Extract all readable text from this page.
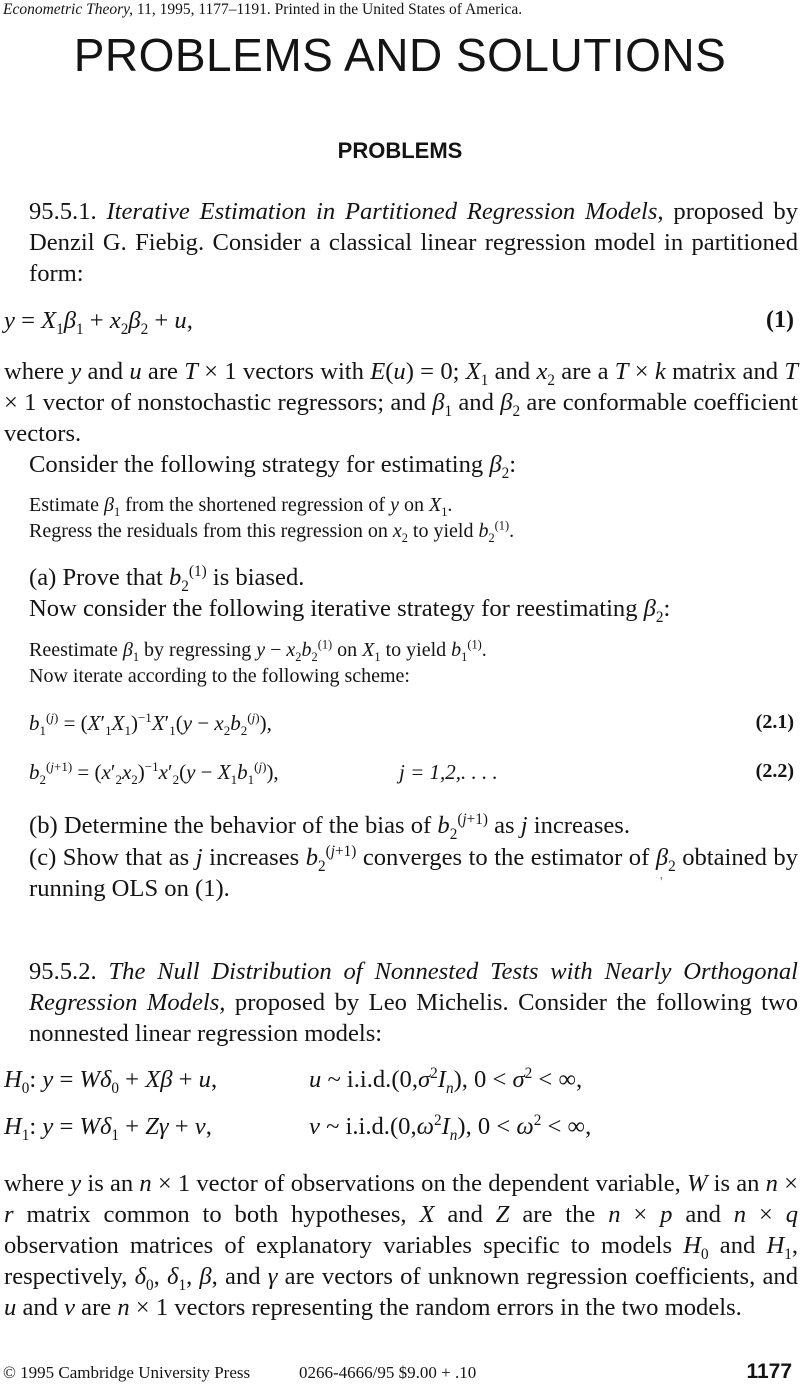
Econometric Theory, 11, 1995, 1177–1191. Printed in the United States of America.
PROBLEMS AND SOLUTIONS
PROBLEMS
95.5.1. Iterative Estimation in Partitioned Regression Models, proposed by Denzil G. Fiebig. Consider a classical linear regression model in partitioned form:
$y = X_1\beta_1 + x_2\beta_2 + u$,	(1)
where y and u are T × 1 vectors with E(u) = 0; $X_1$ and $x_2$ are a T × k matrix and T × 1 vector of nonstochastic regressors; and $\beta_1$ and $\beta_2$ are conformable coefficient vectors.
Consider the following strategy for estimating $\beta_2$:
Estimate $\beta_1$ from the shortened regression of y on $X_1$.
Regress the residuals from this regression on $x_2$ to yield $b_2^{(1)}$.
(a) Prove that $b_2^{(1)}$ is biased.
Now consider the following iterative strategy for reestimating $\beta_2$:
Reestimate $\beta_1$ by regressing $y - x_2b_2^{(1)}$ on $X_1$ to yield $b_1^{(1)}$.
Now iterate according to the following scheme:
$b_1^{(j)} = (X'_1X_1)^{-1}X'_1(y - x_2b_2^{(j)})$,	(2.1)
$b_2^{(j+1)} = (x'_2x_2)^{-1}x'_2(y - X_1b_1^{(j)})$,	j = 1,2,. . . .	(2.2)
(b) Determine the behavior of the bias of $b_2^{(j+1)}$ as j increases.
(c) Show that as j increases $b_2^{(j+1)}$ converges to the estimator of $\beta_2$ obtained by running OLS on (1).	'
95.5.2. The Null Distribution of Nonnested Tests with Nearly Orthogonal Regression Models, proposed by Leo Michelis. Consider the following two nonnested linear regression models:
$H_0$: $y = W\delta_0 + X\beta + u$,	u ~ $i.i.d.(0,\sigma^2I_n)$, $0 < \sigma^2$ < ∞,
$H_1$: $y = W\delta_1 + Z\gamma + v$,	v ~ $i.i.d.(0,\omega^2I_n)$, $0 < \omega^2$ < ∞,
where y is an n × 1 vector of observations on the dependent variable, W is an n × r matrix common to both hypotheses, X and Z are the n × p and n × q observation matrices of explanatory variables specific to models $H_0$ and $H_1$, respectively, $\delta_0$, $\delta_1$, β, and γ are vectors of unknown regression coefficients, and u and v are n × 1 vectors representing the random errors in the two models.
© 1995 Cambridge University Press	0266-4666/95 $9.00 + .10	1177
